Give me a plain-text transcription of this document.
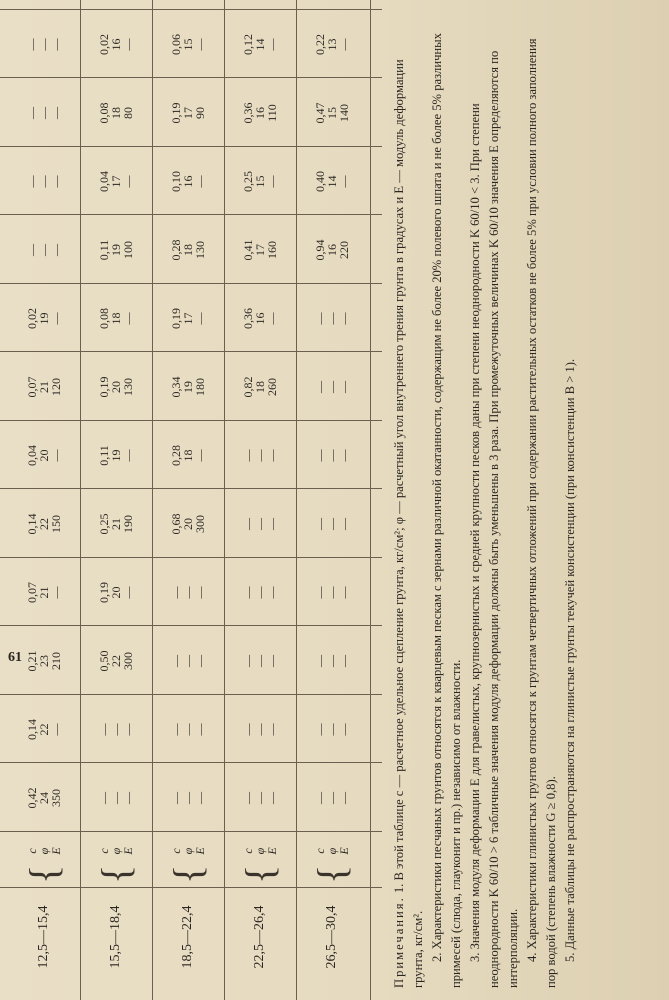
12,5—15,4
{
c
φ
E
0,42
24
350
0,14
22
—
0,21
23
210
0,07
21
—
0,14
22
150
0,04
20
—
0,07
21
120
0,02
19
—
—
—
—
—
—
—
—
—
—
—
—
—
15,5—18,4
{
c
φ
E
—
—
—
—
—
—
0,50
22
300
0,19
20
—
0,25
21
190
0,11
19
—
0,19
20
130
0,08
18
—
0,11
19
100
0,04
17
—
0,08
18
80
0,02
16
—
18,5—22,4
{
c
φ
E
—
—
—
—
—
—
—
—
—
—
—
—
0,68
20
300
0,28
18
—
0,34
19
180
0,19
17
—
0,28
18
130
0,10
16
—
0,19
17
90
0,06
15
—
22,5—26,4
{
c
φ
E
—
—
—
—
—
—
—
—
—
—
—
—
—
—
—
—
—
—
0,82
18
260
0,36
16
—
0,41
17
160
0,25
15
—
0,36
16
110
0,12
14
—
26,5—30,4
{
c
φ
E
—
—
—
—
—
—
—
—
—
—
—
—
—
—
—
—
—
—
—
—
—
—
—
—
0,94
16
220
0,40
14
—
0,47
15
140
0,22
13
—

Примечания. 1. В этой таблице c — расчетное удельное сцепление грунта, кг/см²; φ — расчетный угол внутреннего трения грунта в градусах и E — модуль деформации грунта, кг/см². 2. Характеристики песчаных грунтов относятся к кварцевым пескам с зернами различной окатанности, содержащим не более 20% полевого шпата и не более 5% различных примесей (слюда, глауконит и пр.) независимо от влажности. 3. Значения модуля деформации E для гравелистых, крупнозернистых и средней крупности песков даны при степени неоднородности K 60/10 < 3. При степени неоднородности K 60/10 > 6 табличные значения модуля деформации должны быть уменьшены в 3 раза. При промежуточных величинах K 60/10 значения E определяются по интерполяции. 4. Характеристики глинистых грунтов относятся к грунтам четвертичных отложений при содержании растительных остатков не более 5% при условии полного заполнения пор водой (степень влажности G ≥ 0,8). 5. Данные таблицы не распространяются на глинистые грунты текучей консистенции (при консистенции B > 1).

61
